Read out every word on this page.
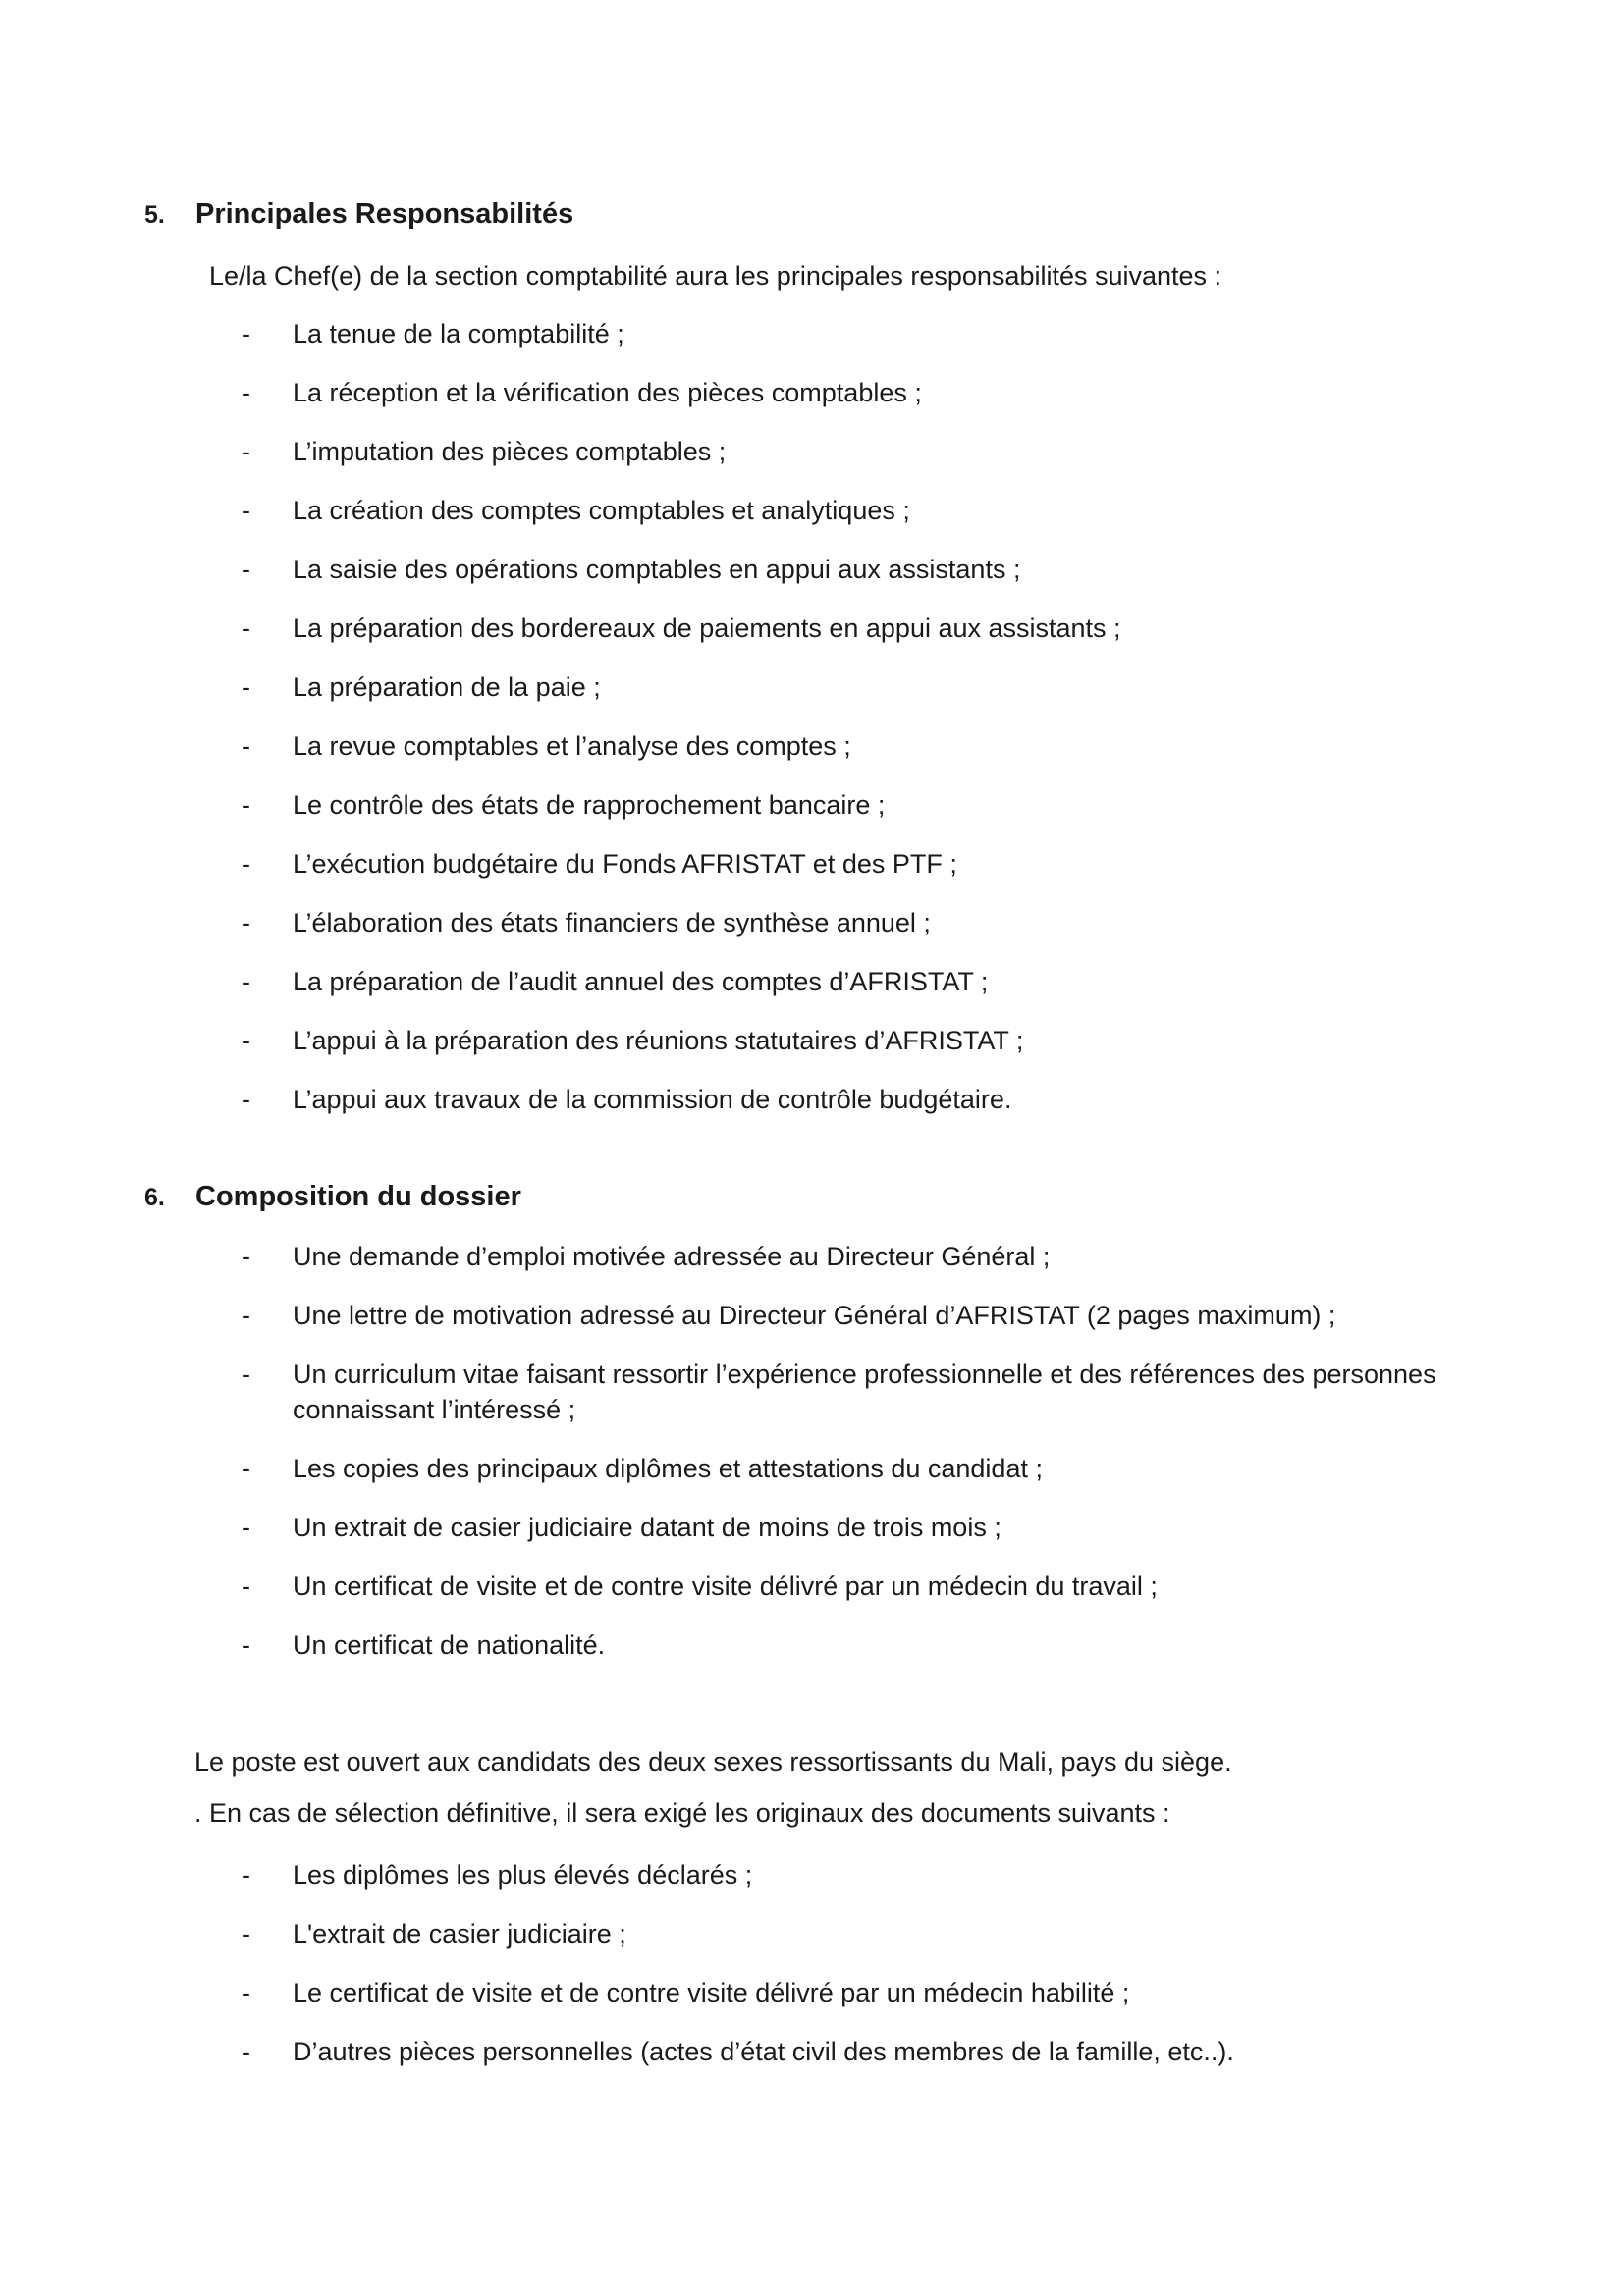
5.	Principales Responsabilités
Le/la Chef(e) de la section comptabilité aura les principales responsabilités suivantes :
-	La tenue de la comptabilité ;
-	La réception et la vérification des pièces comptables ;
-	L’imputation des pièces comptables ;
-	La création des comptes comptables et analytiques ;
-	La saisie des opérations comptables en appui aux assistants ;
-	La préparation des bordereaux de paiements en appui aux assistants ;
-	La préparation de la paie ;
-	La revue comptables et l’analyse des comptes ;
-	Le contrôle des états de rapprochement bancaire ;
-	L’exécution budgétaire du Fonds AFRISTAT et des PTF ;
-	L’élaboration des états financiers de synthèse annuel ;
-	La préparation de l’audit annuel des comptes d’AFRISTAT ;
-	L’appui à la préparation des réunions statutaires d’AFRISTAT ;
-	L’appui aux travaux de la commission de contrôle budgétaire.
6.	Composition du dossier
-	Une demande d’emploi motivée adressée au Directeur Général ;
-	Une lettre de motivation adressé au Directeur Général d’AFRISTAT (2 pages maximum) ;
-	Un curriculum vitae faisant ressortir l’expérience professionnelle et des références des personnes connaissant l’intéressé ;
-	Les copies des principaux diplômes et attestations du candidat ;
-	Un extrait de casier judiciaire datant de moins de trois mois ;
-	Un certificat de visite et de contre visite délivré par un médecin du travail ;
-	Un certificat de nationalité.
Le poste est ouvert aux candidats des deux sexes ressortissants du Mali, pays du siège.
. En cas de sélection définitive, il sera exigé les originaux des documents suivants :
-	Les diplômes les plus élevés déclarés ;
-	L'extrait de casier judiciaire ;
-	Le certificat de visite et de contre visite délivré par un médecin habilité ;
-	D’autres pièces personnelles (actes d’état civil des membres de la famille, etc..).
